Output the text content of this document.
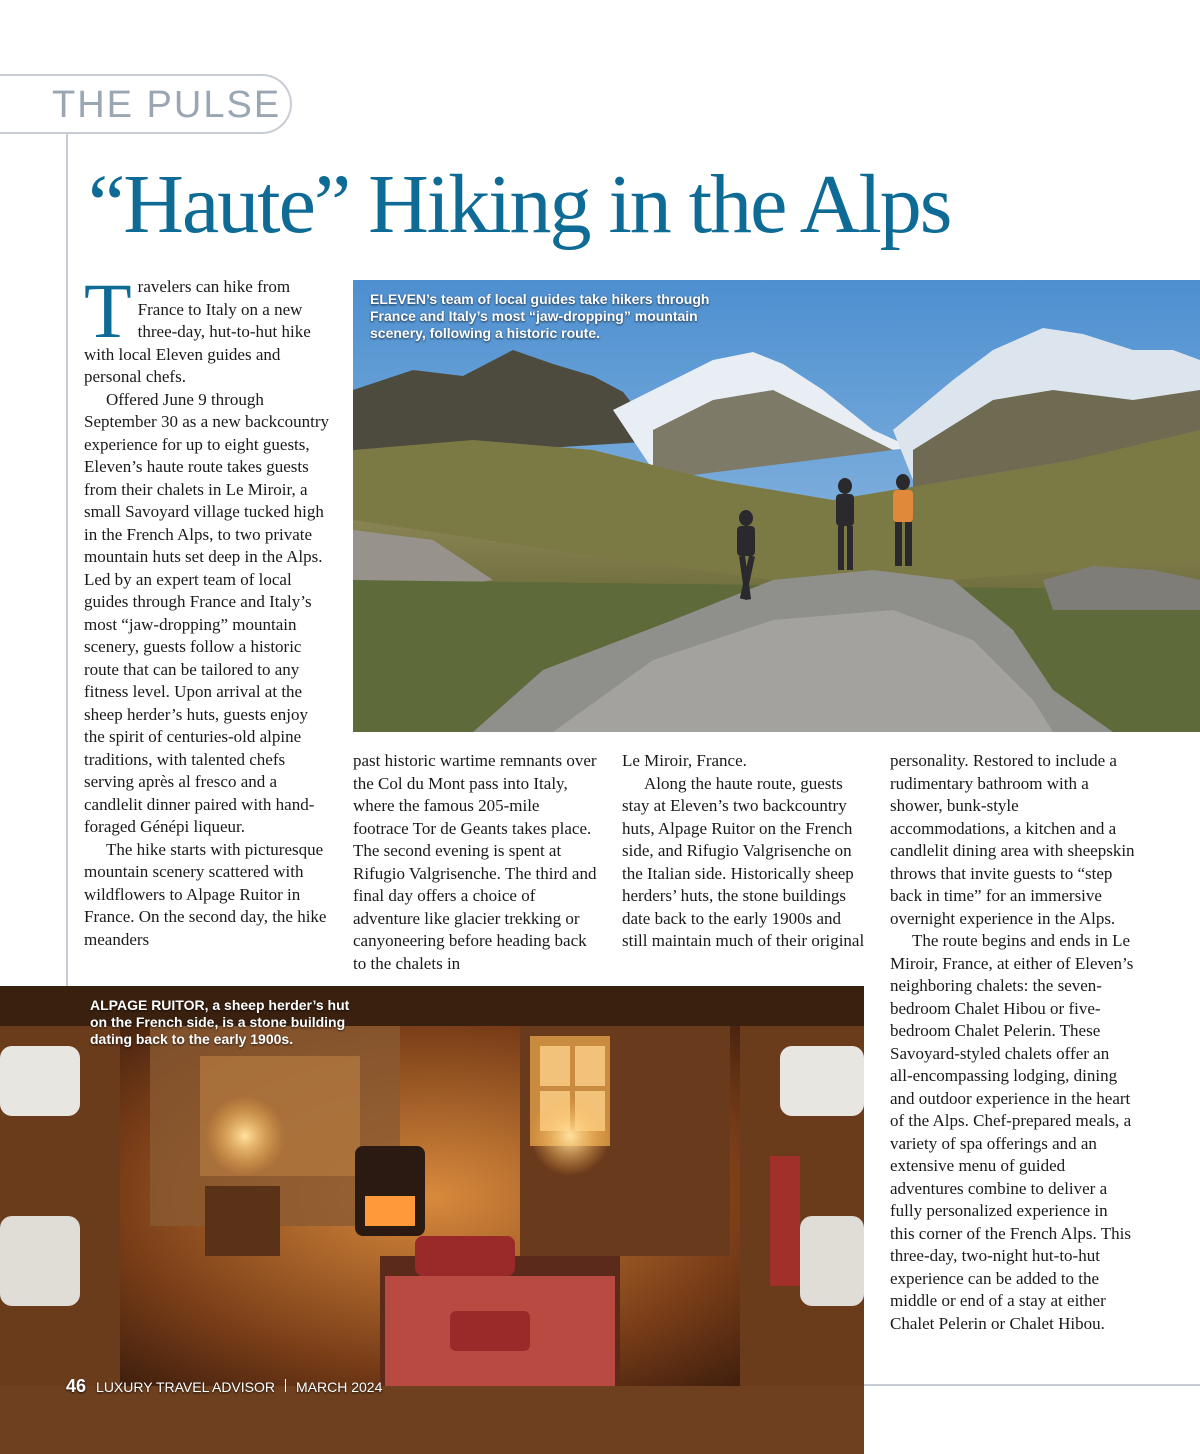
THE PULSE
“Haute” Hiking in the Alps
T ravelers can hike from France to Italy on a new three-day, hut-to-hut hike with local Eleven guides and personal chefs.

Offered June 9 through September 30 as a new backcountry experience for up to eight guests, Eleven’s haute route takes guests from their chalets in Le Miroir, a small Savoyard village tucked high in the French Alps, to two private mountain huts set deep in the Alps. Led by an expert team of local guides through France and Italy’s most “jaw-dropping” mountain scenery, guests follow a historic route that can be tailored to any fitness level. Upon arrival at the sheep herder’s huts, guests enjoy the spirit of centuries-old alpine traditions, with talented chefs serving après al fresco and a candlelit dinner paired with hand-foraged Génépi liqueur.

The hike starts with picturesque mountain scenery scattered with wildflowers to Alpage Ruitor in France. On the second day, the hike meanders

ELEVEN’s team of local guides take hikers through France and Italy’s most “jaw-dropping” mountain scenery, following a historic route.

past historic wartime remnants over the Col du Mont pass into Italy, where the famous 205-mile footrace Tor de Geants takes place. The second evening is spent at Rifugio Valgrisenche. The third and final day offers a choice of adventure like glacier trekking or canyoneering before heading back to the chalets in

Le Miroir, France.

Along the haute route, guests stay at Eleven’s two backcountry huts, Alpage Ruitor on the French side, and Rifugio Valgrisenche on the Italian side. Historically sheep herders’ huts, the stone buildings date back to the early 1900s and still maintain much of their original

personality. Restored to include a rudimentary bathroom with a shower, bunk-style accommodations, a kitchen and a candlelit dining area with sheepskin throws that invite guests to “step back in time” for an immersive overnight experience in the Alps.

The route begins and ends in Le Miroir, France, at either of Eleven’s neighboring chalets: the seven-bedroom Chalet Hibou or five-bedroom Chalet Pelerin. These Savoyard-styled chalets offer an all-encompassing lodging, dining and outdoor experience in the heart of the Alps. Chef-prepared meals, a variety of spa offerings and an extensive menu of guided adventures combine to deliver a fully personalized experience in this corner of the French Alps. This three-day, two-night hut-to-hut experience can be added to the middle or end of a stay at either Chalet Pelerin or Chalet Hibou.

ALPAGE RUITOR, a sheep herder’s hut on the French side, is a stone building dating back to the early 1900s.
46 LUXURY TRAVEL ADVISOR MARCH 2024
